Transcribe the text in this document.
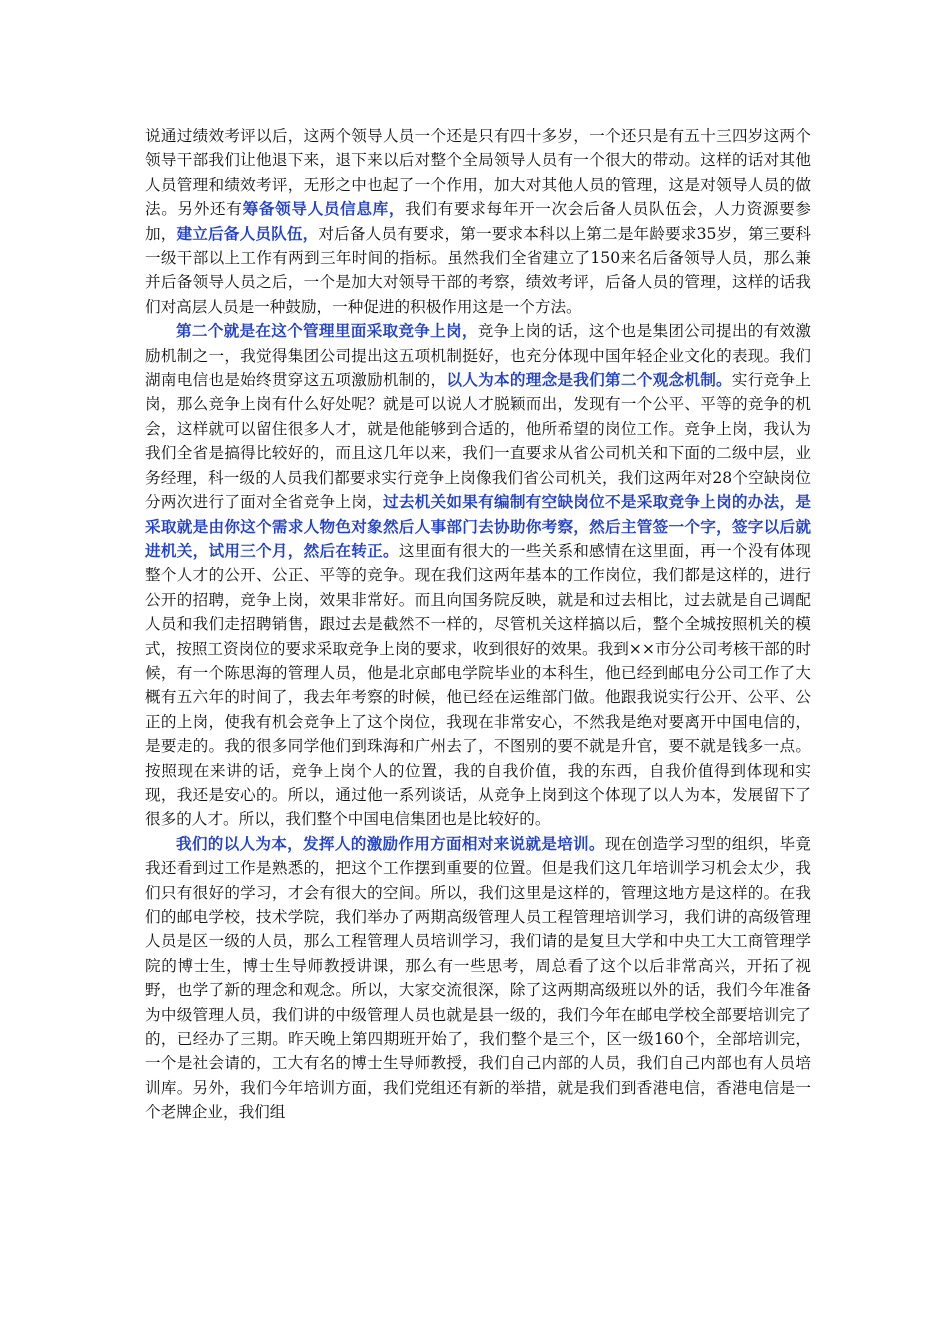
说通过绩效考评以后，这两个领导人员一个还是只有四十多岁，一个还只是有五十三四岁这两个领导干部我们让他退下来，退下来以后对整个全局领导人员有一个很大的带动。这样的话对其他人员管理和绩效考评，无形之中也起了一个作用，加大对其他人员的管理，这是对领导人员的做法。另外还有筹备领导人员信息库，我们有要求每年开一次会后备人员队伍会，人力资源要参加，建立后备人员队伍，对后备人员有要求，第一要求本科以上第二是年龄要求35岁，第三要科一级干部以上工作有两到三年时间的指标。虽然我们全省建立了150来名后备领导人员，那么兼并后备领导人员之后，一个是加大对领导干部的考察，绩效考评，后备人员的管理，这样的话我们对高层人员是一种鼓励，一种促进的积极作用这是一个方法。

第二个就是在这个管理里面采取竞争上岗，竞争上岗的话，这个也是集团公司提出的有效激励机制之一，我觉得集团公司提出这五项机制挺好，也充分体现中国年轻企业文化的表现。我们湖南电信也是始终贯穿这五项激励机制的，以人为本的理念是我们第二个观念机制。实行竞争上岗，那么竞争上岗有什么好处呢？就是可以说人才脱颖而出，发现有一个公平、平等的竞争的机会，这样就可以留住很多人才，就是他能够到合适的，他所希望的岗位工作。竞争上岗，我认为我们全省是搞得比较好的，而且这几年以来，我们一直要求从省公司机关和下面的二级中层，业务经理，科一级的人员我们都要求实行竞争上岗像我们省公司机关，我们这两年对28个空缺岗位分两次进行了面对全省竞争上岗，过去机关如果有编制有空缺岗位不是采取竞争上岗的办法，是采取就是由你这个需求人物色对象然后人事部门去协助你考察，然后主管签一个字，签字以后就进机关，试用三个月，然后在转正。这里面有很大的一些关系和感情在这里面，再一个没有体现整个人才的公开、公正、平等的竞争。现在我们这两年基本的工作岗位，我们都是这样的，进行公开的招聘，竞争上岗，效果非常好。而且向国务院反映，就是和过去相比，过去就是自己调配人员和我们走招聘销售，跟过去是截然不一样的，尽管机关这样搞以后，整个全城按照机关的模式，按照工资岗位的要求采取竞争上岗的要求，收到很好的效果。我到××市分公司考核干部的时候，有一个陈思海的管理人员，他是北京邮电学院毕业的本科生，他已经到邮电分公司工作了大概有五六年的时间了，我去年考察的时候，他已经在运维部门做。他跟我说实行公开、公平、公正的上岗，使我有机会竞争上了这个岗位，我现在非常安心，不然我是绝对要离开中国电信的，是要走的。我的很多同学他们到珠海和广州去了，不图别的要不就是升官，要不就是钱多一点。按照现在来讲的话，竞争上岗个人的位置，我的自我价值，我的东西，自我价值得到体现和实现，我还是安心的。所以，通过他一系列谈话，从竞争上岗到这个体现了以人为本，发展留下了很多的人才。所以，我们整个中国电信集团也是比较好的。

我们的以人为本，发挥人的激励作用方面相对来说就是培训。现在创造学习型的组织，毕竟我还看到过工作是熟悉的，把这个工作摆到重要的位置。但是我们这几年培训学习机会太少，我们只有很好的学习，才会有很大的空间。所以，我们这里是这样的，管理这地方是这样的。在我们的邮电学校，技术学院，我们举办了两期高级管理人员工程管理培训学习，我们讲的高级管理人员是区一级的人员，那么工程管理人员培训学习，我们请的是复旦大学和中央工大工商管理学院的博士生，博士生导师教授讲课，那么有一些思考，周总看了这个以后非常高兴，开拓了视野，也学了新的理念和观念。所以，大家交流很深，除了这两期高级班以外的话，我们今年准备为中级管理人员，我们讲的中级管理人员也就是县一级的，我们今年在邮电学校全部要培训完了的，已经办了三期。昨天晚上第四期班开始了，我们整个是三个，区一级160个，全部培训完，一个是社会请的，工大有名的博士生导师教授，我们自己内部的人员，我们自己内部也有人员培训库。另外，我们今年培训方面，我们党组还有新的举措，就是我们到香港电信，香港电信是一个老牌企业，我们组
